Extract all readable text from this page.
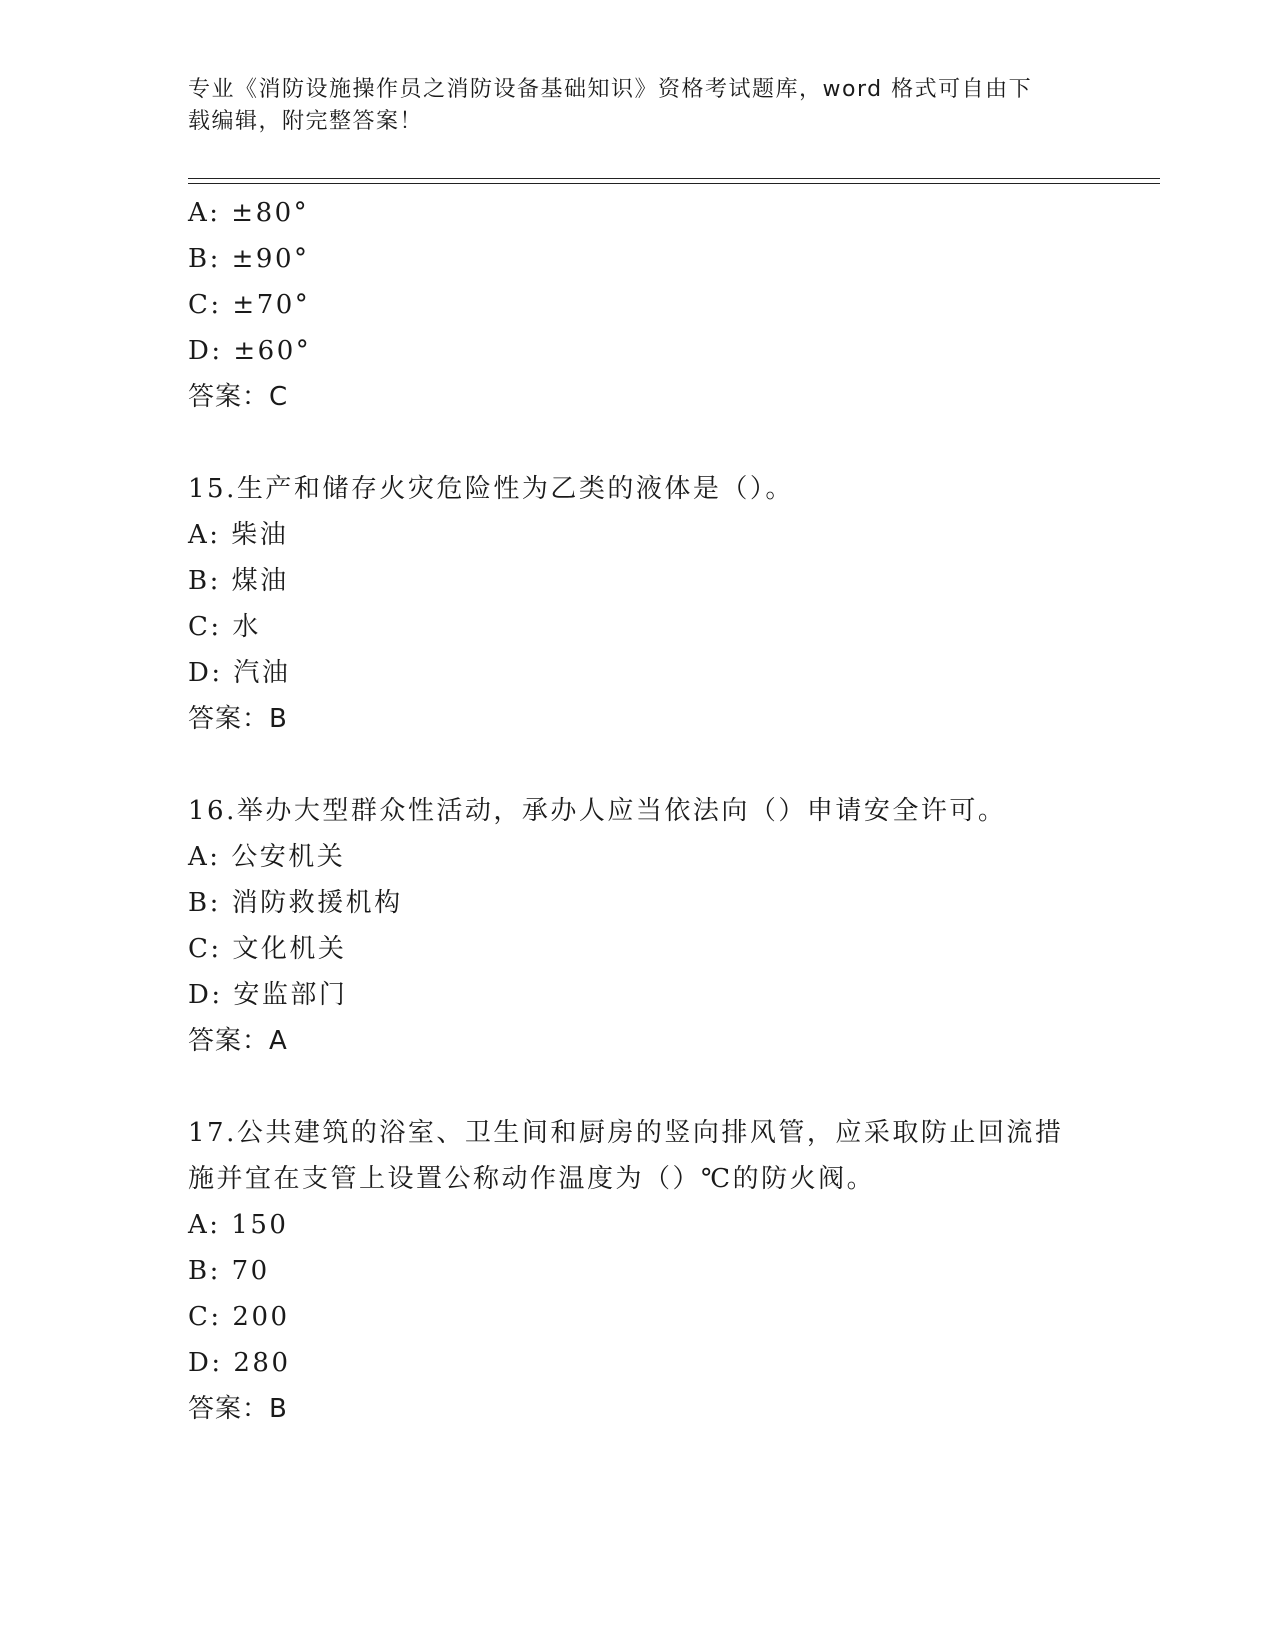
专业《消防设施操作员之消防设备基础知识》资格考试题库，word 格式可自由下
载编辑，附完整答案！
A: ±80°
B: ±90°
C: ±70°
D: ±60°
答案：C
15.生产和储存火灾危险性为乙类的液体是（）。
A: 柴油
B: 煤油
C: 水
D: 汽油
答案：B
16.举办大型群众性活动，承办人应当依法向（）申请安全许可。
A: 公安机关
B: 消防救援机构
C: 文化机关
D: 安监部门
答案：A
17.公共建筑的浴室、卫生间和厨房的竖向排风管，应采取防止回流措
施并宜在支管上设置公称动作温度为（）℃的防火阀。
A: 150
B: 70
C: 200
D: 280
答案：B
